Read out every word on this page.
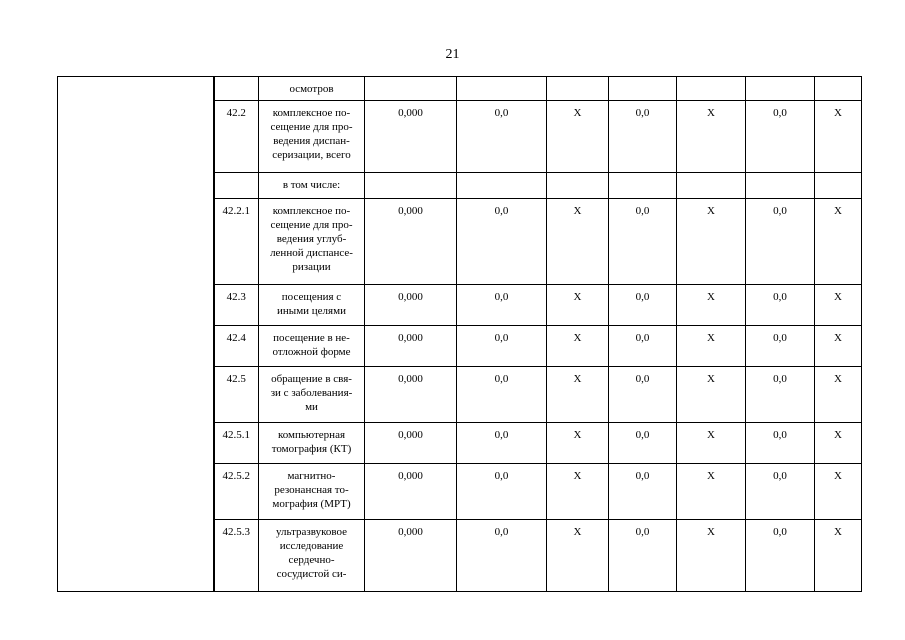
21

		осмотров							

	42.2	комплексное по-
сещение для про-
ведения диспан-
серизации, всего	0,000	0,0	X	0,0	X	0,0	X

		в том числе:							

	42.2.1	комплексное по-
сещение для про-
ведения углуб-
ленной диспансе-
ризации	0,000	0,0	X	0,0	X	0,0	X
	42.3	посещения с
иными целями	0,000	0,0	X	0,0	X	0,0	X
	42.4	посещение в не-
отложной форме	0,000	0,0	X	0,0	X	0,0	X
	42.5	обращение в свя-
зи с заболевания-
ми	0,000	0,0	X	0,0	X	0,0	X
	42.5.1	компьютерная
томография (КТ)	0,000	0,0	X	0,0	X	0,0	X
	42.5.2	магнитно-
резонансная то-
мография (МРТ)	0,000	0,0	X	0,0	X	0,0	X
	42.5.3	ультразвуковое
исследование
сердечно-
сосудистой си-	0,000	0,0	X	0,0	X	0,0	X
